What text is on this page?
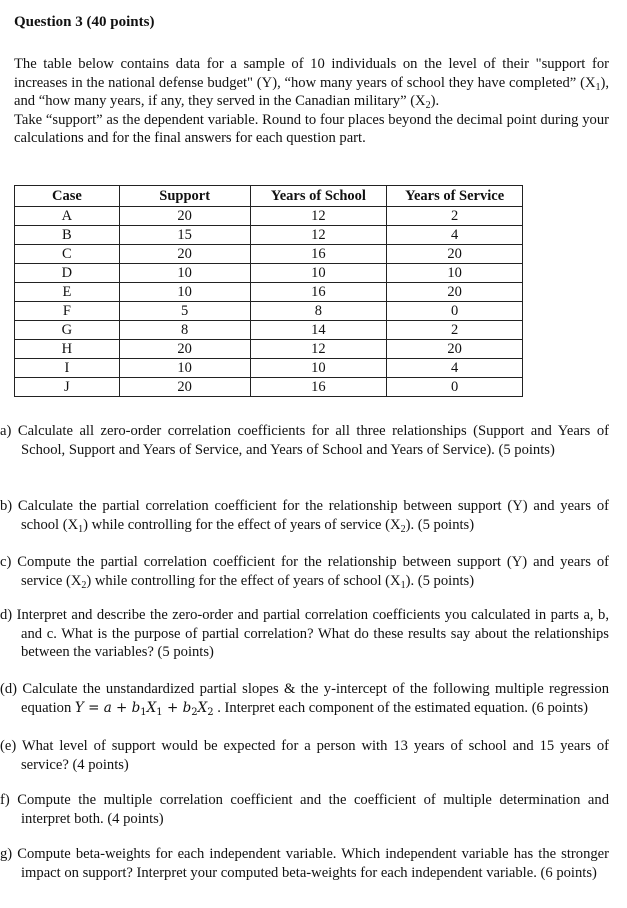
Question 3 (40 points)

The table below contains data for a sample of 10 individuals on the level of their "support for increases in the national defense budget" (Y), “how many years of school they have completed” $(X_1)$, and “how many years, if any, they served in the Canadian military” $(X_2)$.

Take “support” as the dependent variable. Round to four places beyond the decimal point during your calculations and for the final answers for each question part.

Case	Support	Years of School	Years of Service
A	20	12	2
B	15	12	4
C	20	16	20
D	10	10	10
E	10	16	20
F	5	8	0
G	8	14	2
H	20	12	20
I	10	10	4
J	20	16	0
a) Calculate all zero-order correlation coefficients for all three relationships (Support and Years of School, Support and Years of Service, and Years of School and Years of Service). (5 points)
b) Calculate the partial correlation coefficient for the relationship between support (Y) and years of school $(X_1)$ while controlling for the effect of years of service $(X_2)$. (5 points)
c) Compute the partial correlation coefficient for the relationship between support (Y) and years of service $(X_2)$ while controlling for the effect of years of school $(X_1)$. (5 points)
d) Interpret and describe the zero-order and partial correlation coefficients you calculated in parts a, b, and c. What is the purpose of partial correlation? What do these results say about the relationships between the variables? (5 points)
(d) Calculate the unstandardized partial slopes & the y-intercept of the following multiple regression equation $Y = a + b_1X_1 + b_2X_2$ . Interpret each component of the estimated equation. (6 points)
(e) What level of support would be expected for a person with 13 years of school and 15 years of service? (4 points)
f) Compute the multiple correlation coefficient and the coefficient of multiple determination and interpret both. (4 points)
g) Compute beta-weights for each independent variable. Which independent variable has the stronger impact on support? Interpret your computed beta-weights for each independent variable. (6 points)
